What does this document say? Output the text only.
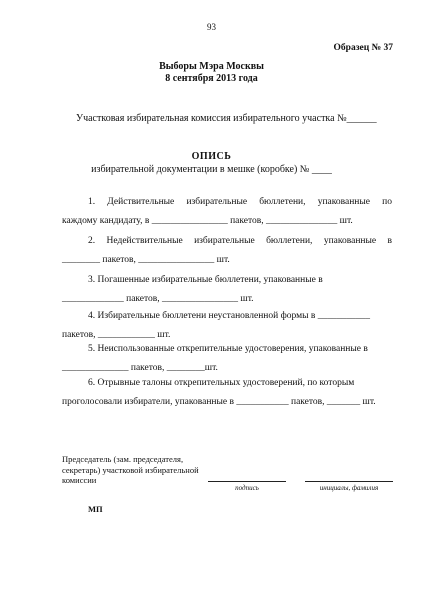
93
Образец № 37
Выборы Мэра Москвы
8 сентября 2013 года
Участковая избирательная комиссия избирательного участка №______
ОПИСЬ
избирательной документации в мешке (коробке) № ____
1. Действительные избирательные бюллетени, упакованные по
каждому кандидату, в ________________ пакетов, _______________ шт.
2. Недействительные избирательные бюллетени, упакованные в
________ пакетов, ________________ шт.
3. Погашенные избирательные бюллетени, упакованные в
_____________ пакетов, ________________ шт.
4. Избирательные бюллетени неустановленной формы в ___________
пакетов, ____________ шт.
5. Неиспользованные открепительные удостоверения, упакованные в
______________ пакетов, ________шт.
6. Отрывные талоны открепительных удостоверений, по которым
проголосовали избиратели, упакованные в ___________ пакетов, _______ шт.
Председатель (зам. председателя,
секретарь) участковой избирательной
комиссии
подпись	инициалы, фамилия
МП
